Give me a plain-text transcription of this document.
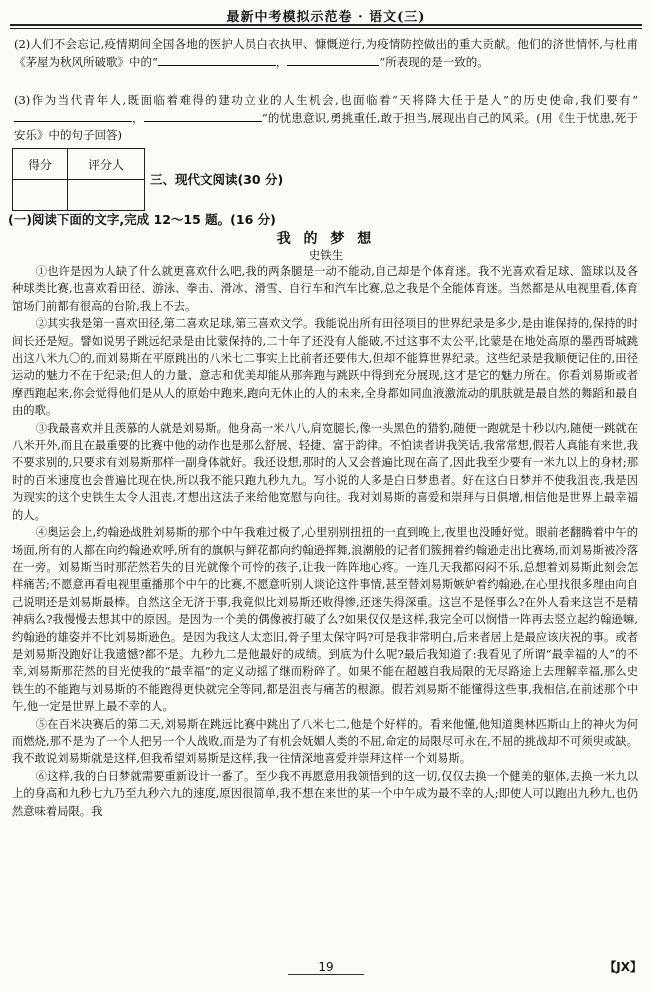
最新中考模拟示范卷 · 语文(三)
(2)人们不会忘记,疫情期间全国各地的医护人员白衣执甲、慷慨逆行,为疫情防控做出的重大贡献。他们的济世情怀,与杜甫《茅屋为秋风所破歌》中的“	，	”所表现的是一致的。
(3)作为当代青年人,既面临着难得的建功立业的人生机会,也面临着“天将降大任于是人”的历史使命,我们要有“，	”的忧患意识,勇挑重任,敢于担当,展现出自己的风采。(用《生于忧患,死于安乐》中的句子回答)
得分	评分人

三、现代文阅读(30 分)
(一)阅读下面的文字,完成 12～15 题。(16 分)
我 的 梦 想
史铁生

①也许是因为人缺了什么就更喜欢什么吧,我的两条腿是一动不能动,自己却是个体育迷。我不光喜欢看足球、篮球以及各种球类比赛,也喜欢看田径、游泳、拳击、滑冰、滑雪、自行车和汽车比赛,总之我是个全能体育迷。当然都是从电视里看,体育馆场门前都有很高的台阶,我上不去。

②其实我是第一喜欢田径,第二喜欢足球,第三喜欢文学。我能说出所有田径项目的世界纪录是多少,是由谁保持的,保持的时间长还是短。譬如说男子跳远纪录是由比蒙保持的,二十年了还没有人能破,不过这事不太公平,比蒙是在地处高原的墨西哥城跳出这八米九〇的,而刘易斯在平原跳出的八米七二事实上比前者还要伟大,但却不能算世界纪录。这些纪录是我顺便记住的,田径运动的魅力不在于纪录;但人的力量、意志和优美却能从那奔跑与跳跃中得到充分展现,这才是它的魅力所在。你看刘易斯或者摩西跑起来,你会觉得他们是从人的原始中跑来,跑向无休止的人的未来,全身都如同血液激流动的肌肤就是最自然的舞蹈和最自由的歌。

③我最喜欢并且羡慕的人就是刘易斯。他身高一米八八,肩宽腿长,像一头黑色的猎豹,随便一跑就是十秒以内,随便一跳就在八米开外,而且在最重要的比赛中他的动作也是那么舒展、轻捷、富于韵律。不怕读者讲我笑话,我常常想,假若人真能有来世,我不要求别的,只要求有刘易斯那样一副身体就好。我还设想,那时的人又会普遍比现在高了,因此我至少要有一米九以上的身材;那时的百米速度也会普遍比现在快,所以我不能只跑九秒九九。写小说的人多是白日梦患者。好在这白日梦并不使我沮丧,我是因为现实的这个史铁生太令人沮丧,才想出这法子来给他宽慰与向往。我对刘易斯的喜爱和崇拜与日俱增,相信他是世界上最幸福的人。

④奥运会上,约翰逊战胜刘易斯的那个中午我难过极了,心里别别扭扭的一直到晚上,夜里也没睡好觉。眼前老翻腾着中午的场面,所有的人都在向约翰逊欢呼,所有的旗帜与鲜花都向约翰逊挥舞,浪潮般的记者们簇拥着约翰逊走出比赛场,而刘易斯被冷落在一旁。刘易斯当时那茫然若失的目光就像个可怜的孩子,让我一阵阵地心疼。一连几天我都闷闷不乐,总想着刘易斯此刻会怎样痛苦;不愿意再看电视里重播那个中午的比赛,不愿意听别人谈论这件事情,甚至替刘易斯嫉妒着约翰逊,在心里找很多理由向自己说明还是刘易斯最棒。自然这全无济于事,我竟似比刘易斯还败得惨,还迷失得深重。这岂不是怪事么?在外人看来这岂不是精神病么?我慢慢去想其中的原因。是因为一个美的偶像被打破了么?如果仅仅是这样,我完全可以悯惜一阵再去竖立起约翰逊嘛,约翰逊的雄姿并不比刘易斯逊色。是因为我这人太恋旧,骨子里太保守吗?可是我非常明白,后来者居上是最应该庆祝的事。或者是刘易斯没跑好让我遗憾?都不是。九秒九二是他最好的成绩。到底为什么呢?最后我知道了:我看见了所谓“最幸福的人”的不幸,刘易斯那茫然的目光使我的“最幸福”的定义动摇了继而粉碎了。如果不能在超越自我局限的无尽路途上去理解幸福,那么史铁生的不能跑与刘易斯的不能跑得更快就完全等同,都是沮丧与痛苦的根源。假若刘易斯不能懂得这些事,我相信,在前述那个中午,他一定是世界上最不幸的人。

⑤在百米决赛后的第二天,刘易斯在跳远比赛中跳出了八米七二,他是个好样的。看来他懂,他知道奥林匹斯山上的神火为何而燃烧,那不是为了一个人把另一个人战败,而是为了有机会妩媚人类的不屈,命定的局限尽可永在,不屈的挑战却不可须臾或缺。我不敢说刘易斯就是这样,但我希望刘易斯是这样,我一往情深地喜爱并崇拜这样一个刘易斯。

⑥这样,我的白日梦就需要重新设计一番了。至少我不再愿意用我领悟到的这一切,仅仅去换一个健美的躯体,去换一米九以上的身高和九秒七九乃至九秒六九的速度,原因很简单,我不想在来世的某一个中午成为最不幸的人;即使人可以跑出九秒九,也仍然意味着局限。我

19	【JX】
